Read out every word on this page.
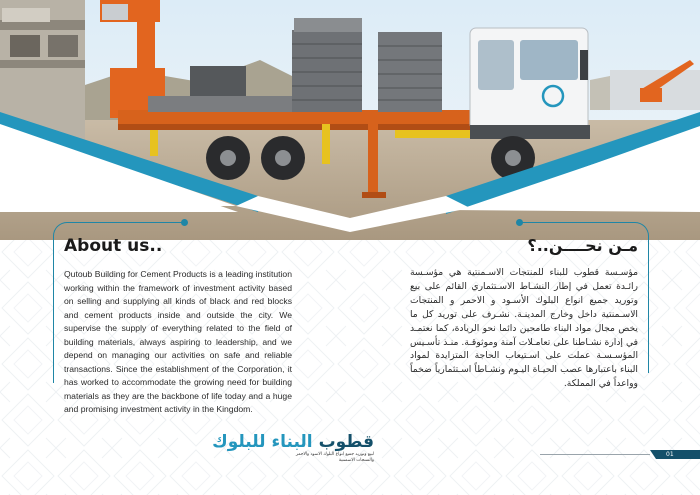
About us..

Qutoub Building for Cement Products is a leading institution working within the framework of investment activity based on selling and supplying all kinds of black and red blocks and cement products inside and outside the city. We supervise the supply of everything related to the field of building materials, always aspiring to leadership, and we depend on managing our activities on safe and reliable transactions. Since the establishment of the Corporation, it has worked to accommodate the growing need for building materials as they are the backbone of life today and a huge and promising investment activity in the Kingdom.

مـن نحــــن..؟

مؤسـسة قطوب للبناء للمنتجات الاسـمنتية هي مؤسـسة رائـدة تعمل في إطار النشـاط الاسـتثماري القائم على بيع وتوريد جميع انواع البلوك الأسـود و الاحمر و المنتجات الاسـمنتية داخل وخارج المدينـة. نشـرف على توريد كل ما يخص مجال مواد البناء طامحين دائما نحو الريادة، كما نعتمـد في إدارة نشـاطنا على تعامـلات آمنة وموثوقـة. منـذ تأسـيس المؤسـسـة عملت على اسـتيعاب الحاجة المتزايدة لمواد البناء باعتبارها عصب الحيـاة اليـوم ونشـاطاً اسـتثمارياً ضخماً وواعداً في المملكة.

قطوب البناء للبلوك
لبيع وتوريد جميع انواع البلوك الاسود والاحمر
والمنتجات الاسمنتية

01
